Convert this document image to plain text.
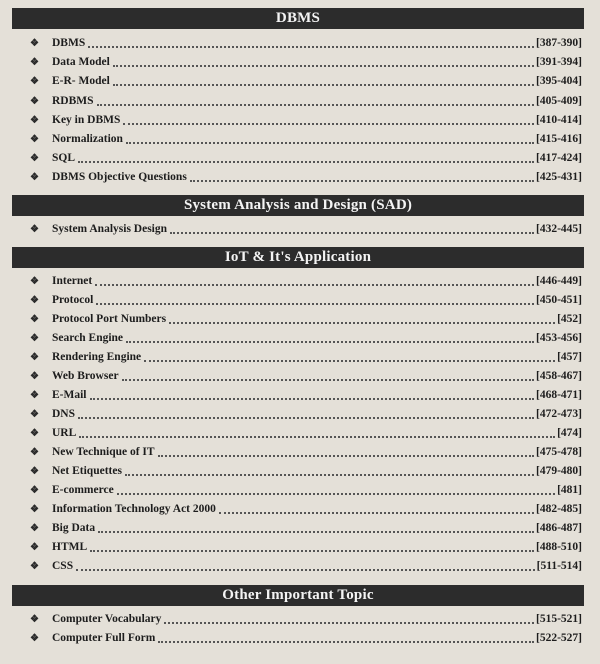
DBMS
❖	DBMS	[387-390]
❖	Data Model	[391-394]
❖	E-R- Model	[395-404]
❖	RDBMS	[405-409]
❖	Key in DBMS	[410-414]
❖	Normalization	[415-416]
❖	SQL	[417-424]
❖	DBMS Objective Questions	[425-431]
System Analysis and Design (SAD)
❖	System Analysis Design	[432-445]
IoT & It's Application
❖	Internet	[446-449]
❖	Protocol	[450-451]
❖	Protocol Port Numbers	[452]
❖	Search Engine	[453-456]
❖	Rendering Engine	[457]
❖	Web Browser	[458-467]
❖	E-Mail	[468-471]
❖	DNS	[472-473]
❖	URL	[474]
❖	New Technique of IT	[475-478]
❖	Net Etiquettes	[479-480]
❖	E-commerce	[481]
❖	Information Technology Act 2000	[482-485]
❖	Big Data	[486-487]
❖	HTML	[488-510]
❖	CSS	[511-514]
Other Important Topic
❖	Computer Vocabulary	[515-521]
❖	Computer Full Form	[522-527]
